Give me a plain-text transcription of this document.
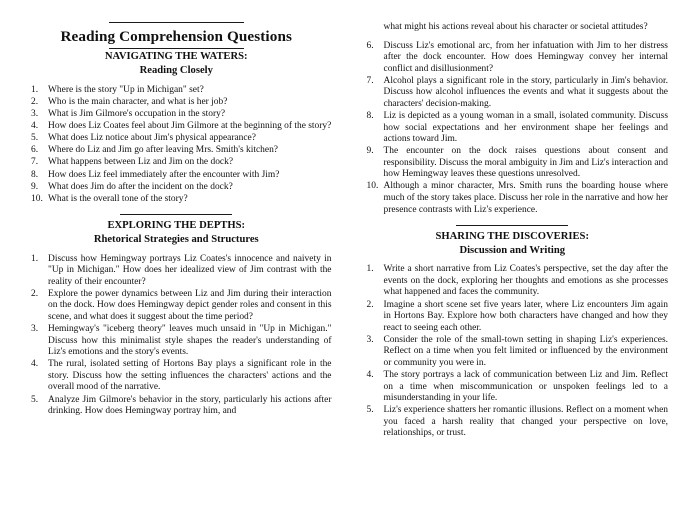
Reading Comprehension Questions
NAVIGATING THE WATERS:
Reading Closely
1.	Where is the story "Up in Michigan" set?
2.	Who is the main character, and what is her job?
3.	What is Jim Gilmore's occupation in the story?
4.	How does Liz Coates feel about Jim Gilmore at the beginning of the story?
5.	What does Liz notice about Jim's physical appearance?
6.	Where do Liz and Jim go after leaving Mrs. Smith's kitchen?
7.	What happens between Liz and Jim on the dock?
8.	How does Liz feel immediately after the encounter with Jim?
9.	What does Jim do after the incident on the dock?
10. What is the overall tone of the story?
EXPLORING THE DEPTHS:
Rhetorical Strategies and Structures
1.	Discuss how Hemingway portrays Liz Coates's innocence and naivety in "Up in Michigan." How does her idealized view of Jim contrast with the reality of their encounter?
2.	Explore the power dynamics between Liz and Jim during their interaction on the dock. How does Hemingway depict gender roles and consent in this scene, and what does it suggest about the time period?
3.	Hemingway's "iceberg theory" leaves much unsaid in "Up in Michigan." Discuss how this minimalist style shapes the reader's understanding of Liz's emotions and the story's events.
4.	The rural, isolated setting of Hortons Bay plays a significant role in the story. Discuss how the setting influences the characters' actions and the overall mood of the narrative.
5.	Analyze Jim Gilmore's behavior in the story, particularly his actions after drinking. How does Hemingway portray him, and
what might his actions reveal about his character or societal attitudes?
6.	Discuss Liz's emotional arc, from her infatuation with Jim to her distress after the dock encounter. How does Hemingway convey her internal conflict and disillusionment?
7.	Alcohol plays a significant role in the story, particularly in Jim's behavior. Discuss how alcohol influences the events and what it suggests about the characters' decision-making.
8.	Liz is depicted as a young woman in a small, isolated community. Discuss how social expectations and her environment shape her feelings and actions toward Jim.
9.	The encounter on the dock raises questions about consent and responsibility. Discuss the moral ambiguity in Jim and Liz's interaction and how Hemingway leaves these questions unresolved.
10. Although a minor character, Mrs. Smith runs the boarding house where much of the story takes place. Discuss her role in the narrative and how her presence contrasts with Liz's experience.
SHARING THE DISCOVERIES:
Discussion and Writing
1.	Write a short narrative from Liz Coates's perspective, set the day after the events on the dock, exploring her thoughts and emotions as she processes what happened and faces the community.
2.	Imagine a short scene set five years later, where Liz encounters Jim again in Hortons Bay. Explore how both characters have changed and how they react to seeing each other.
3.	Consider the role of the small-town setting in shaping Liz's experiences. Reflect on a time when you felt limited or influenced by the environment or community you were in.
4.	The story portrays a lack of communication between Liz and Jim. Reflect on a time when miscommunication or unspoken feelings led to a misunderstanding in your life.
5.	Liz's experience shatters her romantic illusions. Reflect on a moment when you faced a harsh reality that changed your perspective on love, relationships, or trust.
